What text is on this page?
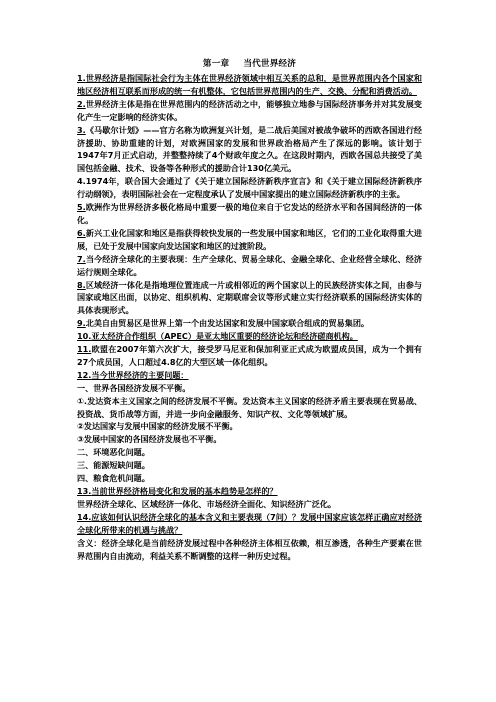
第一章 当代世界经济

1.世界经济是指国际社会行为主体在世界经济领域中相互关系的总和，是世界范围内各个国家和地区经济相互联系而形成的统一有机整体，它包括世界范围内的生产、交换、分配和消费活动。

2.世界经济主体是指在世界范围内的经济活动之中，能够独立地参与国际经济事务并对其发展变化产生一定影响的经济实体。

3.《马歇尔计划》——官方名称为欧洲复兴计划，是二战后美国对被战争破坏的西欧各国进行经济援助、协助重建的计划，对欧洲国家的发展和世界政治格局产生了深远的影响。该计划于1947年7月正式启动，并整整持续了4个财政年度之久。在这段时期内，西欧各国总共接受了美国包括金融、技术、设备等各种形式的援助合计130亿美元。

4.1974年，联合国大会通过了《关于建立国际经济新秩序宣言》和《关于建立国际经济新秩序行动纲领》，表明国际社会在一定程度承认了发展中国家提出的建立国际经济新秩序的主张。

5.欧洲作为世界经济多极化格局中重要一极的地位来自于它发达的经济水平和各国间经济的一体化。

6.新兴工业化国家和地区是指获得较快发展的一些发展中国家和地区，它们的工业化取得重大进展，已处于发展中国家向发达国家和地区的过渡阶段。

7.当今经济全球化的主要表现：生产全球化、贸易全球化、金融全球化、企业经营全球化、经济运行规则全球化。

8.区域经济一体化是指地理位置连成一片或相邻近的两个国家以上的民族经济实体之间，由参与国家或地区出面，以协定、组织机构、定期联席会议等形式建立实行经济联系的国际经济实体的具体表现形式。

9.北美自由贸易区是世界上第一个由发达国家和发展中国家联合组成的贸易集团。

10.亚太经济合作组织（APEC）是亚太地区重要的经济论坛和经济磋商机构。

11.欧盟在2007年第六次扩大，接受罗马尼亚和保加利亚正式成为欧盟成员国，成为一个拥有27个成员国，人口超过4.8亿的大型区域一体化组织。

12.当今世界经济的主要问题：

一、世界各国经济发展不平衡。

①.发达资本主义国家之间的经济发展不平衡。发达资本主义国家的经济矛盾主要表现在贸易战、投资战、货币战等方面，并进一步向金融服务、知识产权、文化等领域扩展。

②发达国家与发展中国家的经济发展不平衡。

③发展中国家的各国经济发展也不平衡。

二、环境恶化问题。

三、能源短缺问题。

四、粮食危机问题。

13.当前世界经济格局变化和发展的基本趋势是怎样的？

世界经济全球化、区域经济一体化、市场经济全面化、知识经济广泛化。

14.应该如何认识经济全球化的基本含义和主要表现（7问）？发展中国家应该怎样正确应对经济全球化所带来的机遇与挑战？

含义：经济全球化是当前经济发展过程中各种经济主体相互依赖，相互渗透，各种生产要素在世界范围内自由流动，利益关系不断调整的这样一种历史过程。
